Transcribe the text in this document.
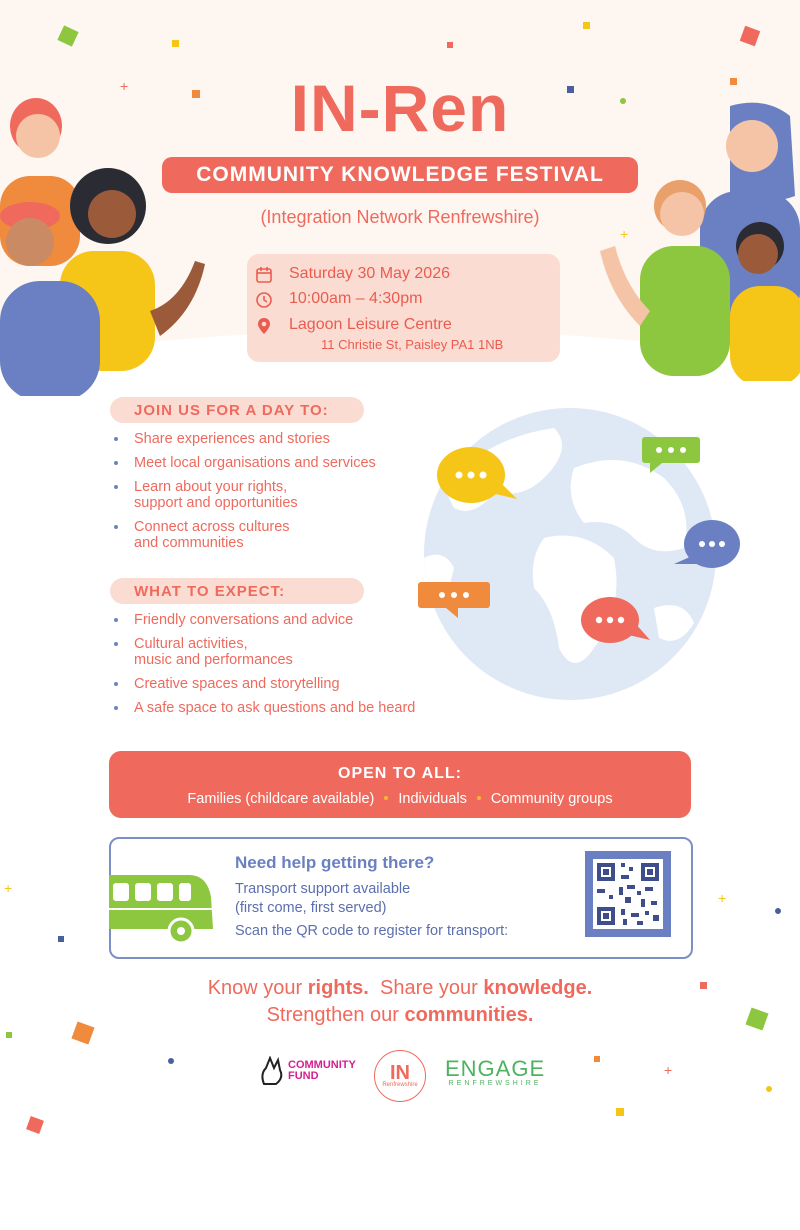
+
+
+
+
+
IN-Ren
COMMUNITY KNOWLEDGE FESTIVAL
(Integration Network Renfrewshire)
Saturday 30 May 2026
10:00am – 4:30pm
Lagoon Leisure Centre
11 Christie St, Paisley PA1 1NB
JOIN US FOR A DAY TO:
Share experiences and stories
Meet local organisations and services
Learn about your rights,
support and opportunities
Connect across cultures
and communities
WHAT TO EXPECT:
Friendly conversations and advice
Cultural activities,
music and performances
Creative spaces and storytelling
A safe space to ask questions and be heard
OPEN TO ALL:
Families (childcare available) Individuals Community groups
Need help getting there?
Transport support available
(first come, first served)
Scan the QR code to register for transport:
Know your rights.  Share your knowledge.
Strengthen our communities.
COMMUNITY
FUND	IN
Renfrewshire
ENGAGE
RENFREWSHIRE
